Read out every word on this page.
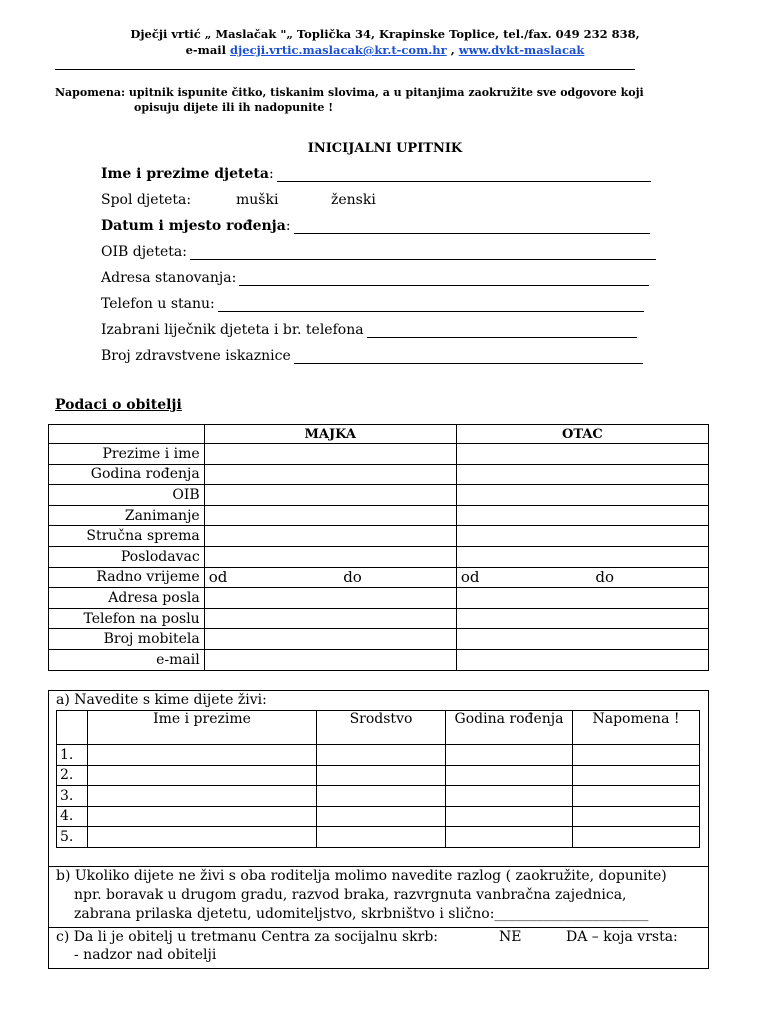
Dječji vrtić „ Maslačak "„ Toplička 34, Krapinske Toplice, tel./fax. 049 232 838,
e-mail djecji.vrtic.maslacak@kr.t-com.hr , www.dvkt-maslacak
Napomena: upitnik ispunite čitko, tiskanim slovima, a u pitanjima zaokružite sve odgovore koji
opisuju dijete ili ih nadopunite !
INICIJALNI UPITNIK
Ime i prezime djeteta :
Spol djeteta:	muški	ženski
Datum i mjesto rođenja :
OIB djeteta:
Adresa stanovanja:
Telefon u stanu:
Izabrani liječnik djeteta i br. telefona
Broj zdravstvene iskaznice
Podaci o obitelji
	MAJKA	OTAC
Prezime i ime		
Godina rođenja		
OIB		
Zanimanje		
Stručna sprema		
Poslodavac		
Radno vrijeme	od do	od do

Adresa posla		
Telefon na poslu		
Broj mobitela		
e-mail		
a) Navedite s kime dijete živi:
	Ime i prezime	Srodstvo	Godina rođenja	Napomena !
1.				
2.				
3.				
4.				
5.				
b) Ukoliko dijete ne živi s oba roditelja molimo navedite razlog ( zaokružite, dopunite)
npr. boravak u drugom gradu, razvod braka, razvrgnuta vanbračna zajednica,
zabrana prilaska djetetu, udomiteljstvo, skrbništvo i slično:______________________
c) Da li je obitelj u tretmanu Centra za socijalnu skrb:	NE	DA – koja vrsta:
- nadzor nad obitelji
